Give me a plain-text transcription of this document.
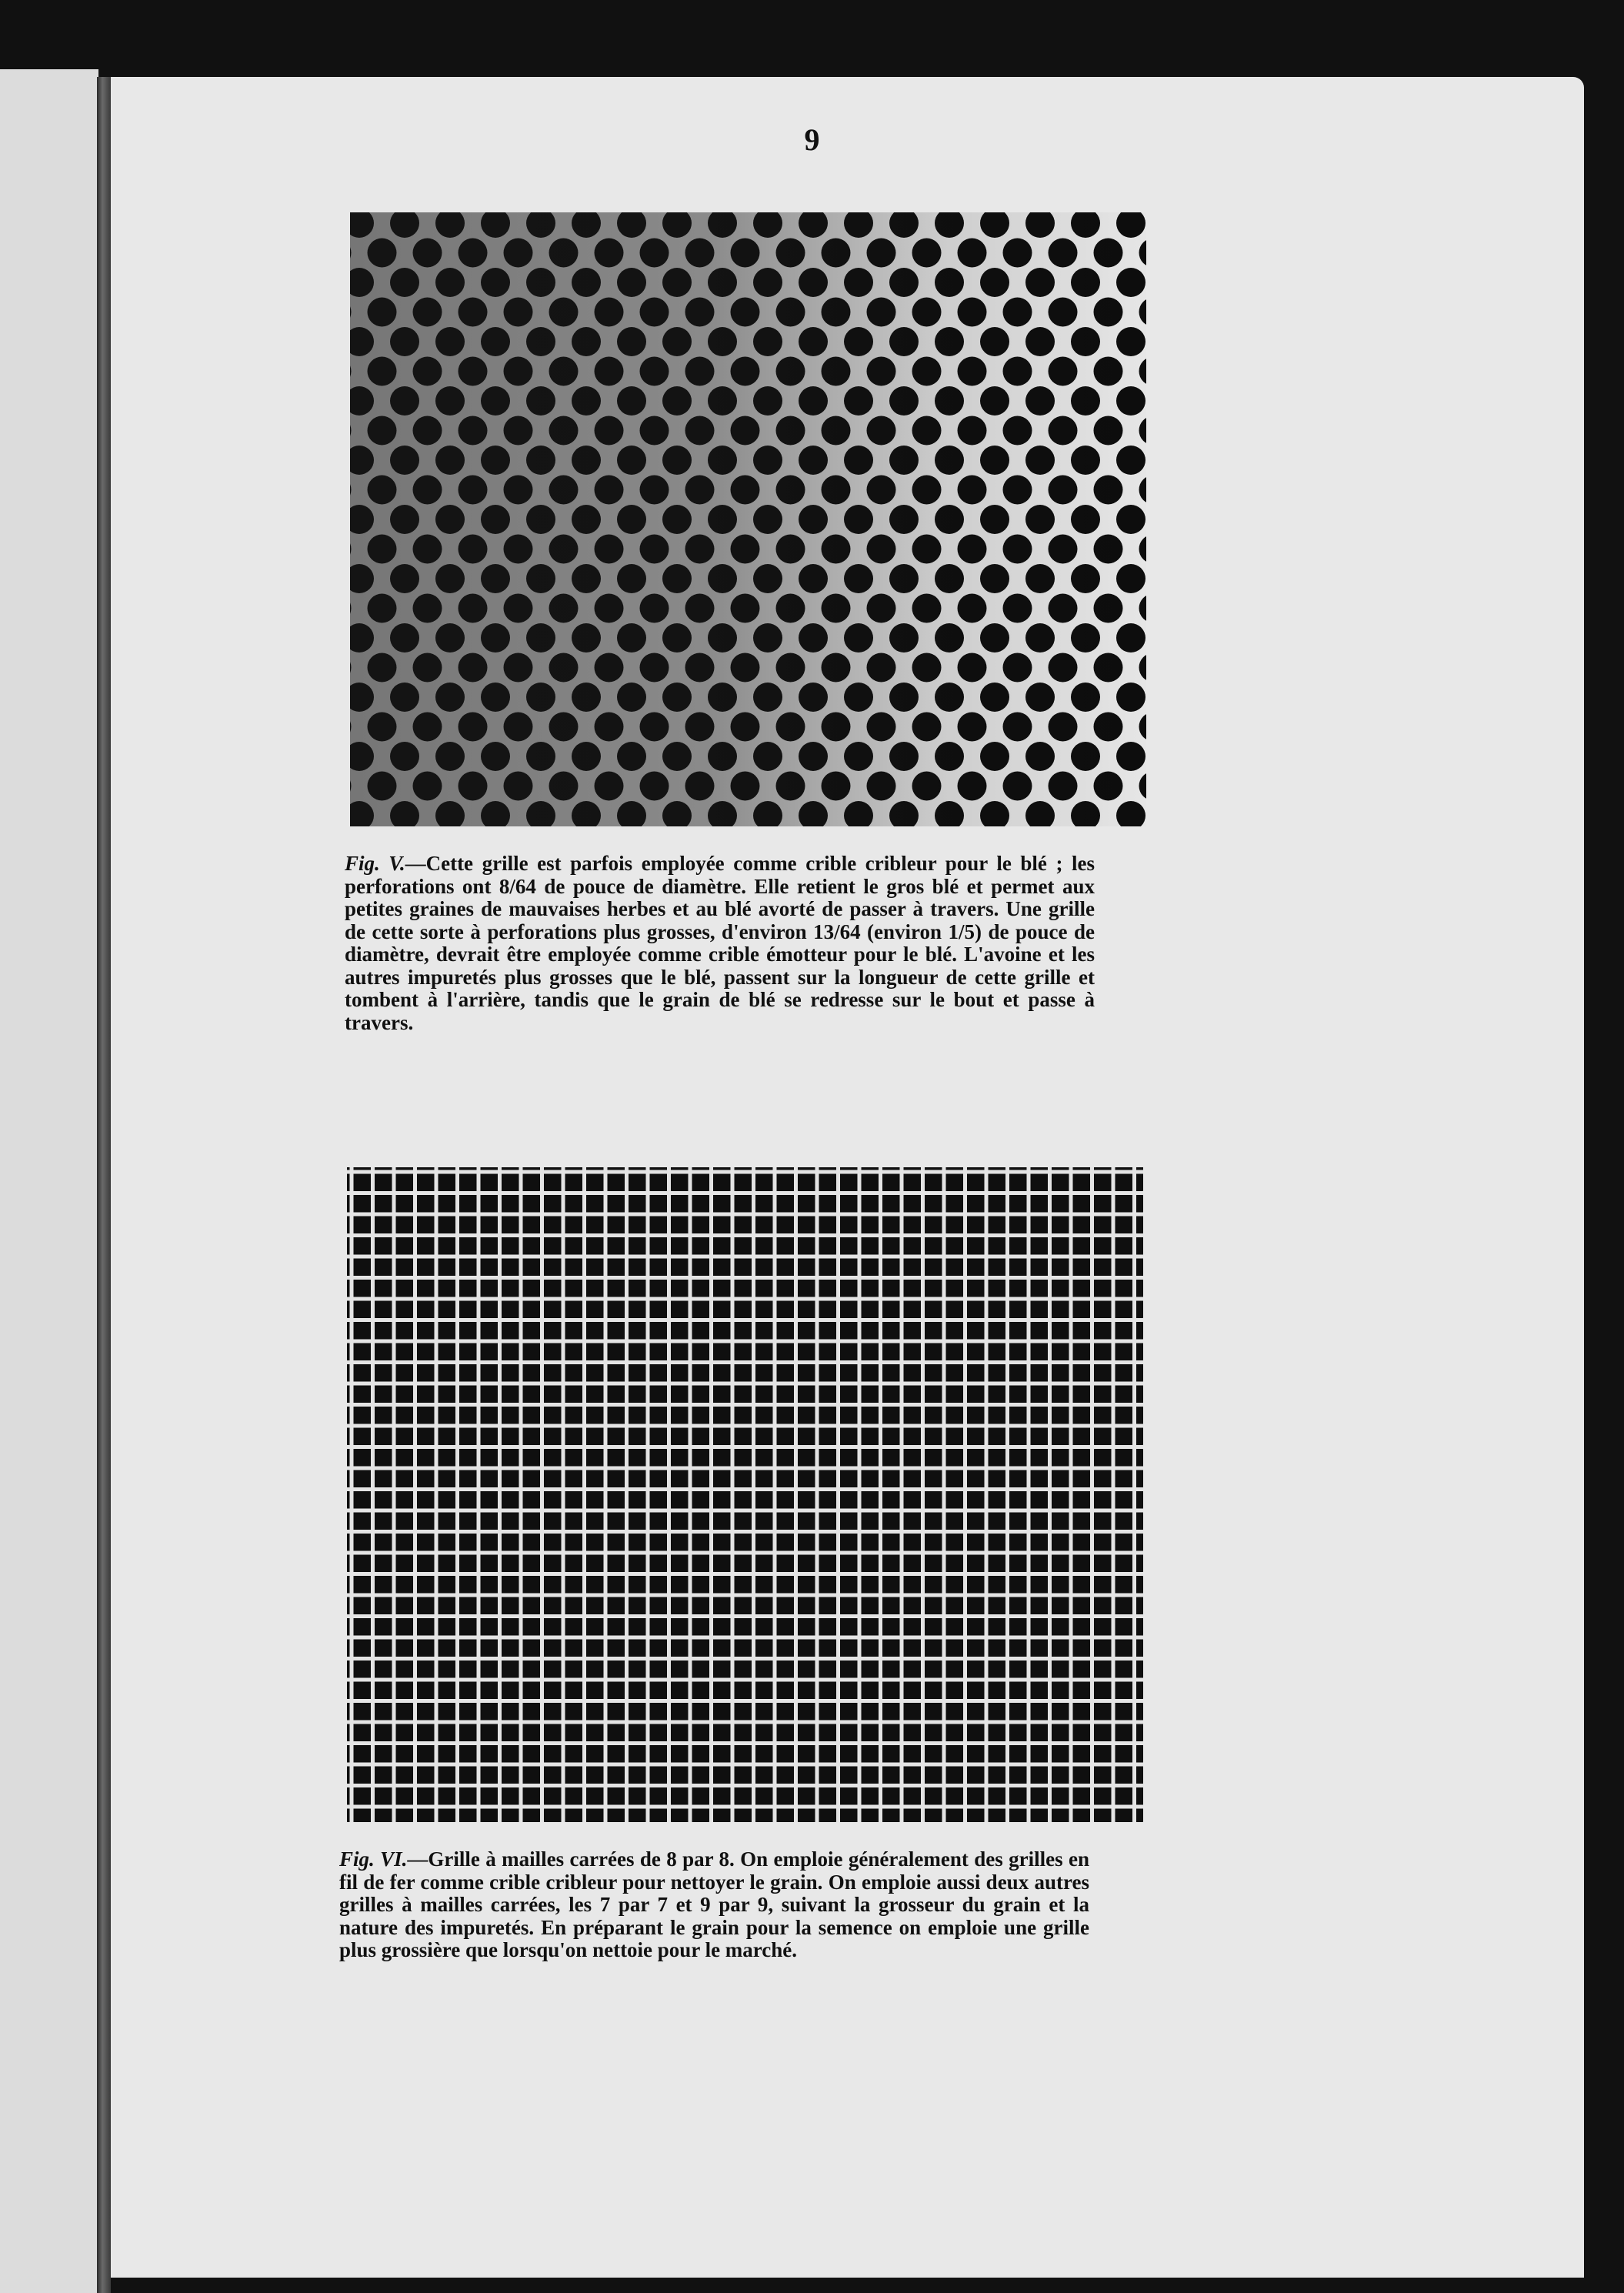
9

Fig. V.—Cette grille est parfois employée comme crible cribleur pour le blé ; les perforations ont 8/64 de pouce de diamètre. Elle retient le gros blé et permet aux petites graines de mauvaises herbes et au blé avorté de passer à travers. Une grille de cette sorte à perforations plus grosses, d'environ 13/64 (environ 1/5) de pouce de diamètre, devrait être employée comme crible émotteur pour le blé. L'avoine et les autres impuretés plus grosses que le blé, passent sur la longueur de cette grille et tombent à l'arrière, tandis que le grain de blé se redresse sur le bout et passe à travers.

Fig. VI.—Grille à mailles carrées de 8 par 8. On emploie généralement des grilles en fil de fer comme crible cribleur pour nettoyer le grain. On emploie aussi deux autres grilles à mailles carrées, les 7 par 7 et 9 par 9, suivant la grosseur du grain et la nature des impuretés. En préparant le grain pour la semence on emploie une grille plus grossière que lorsqu'on nettoie pour le marché.
